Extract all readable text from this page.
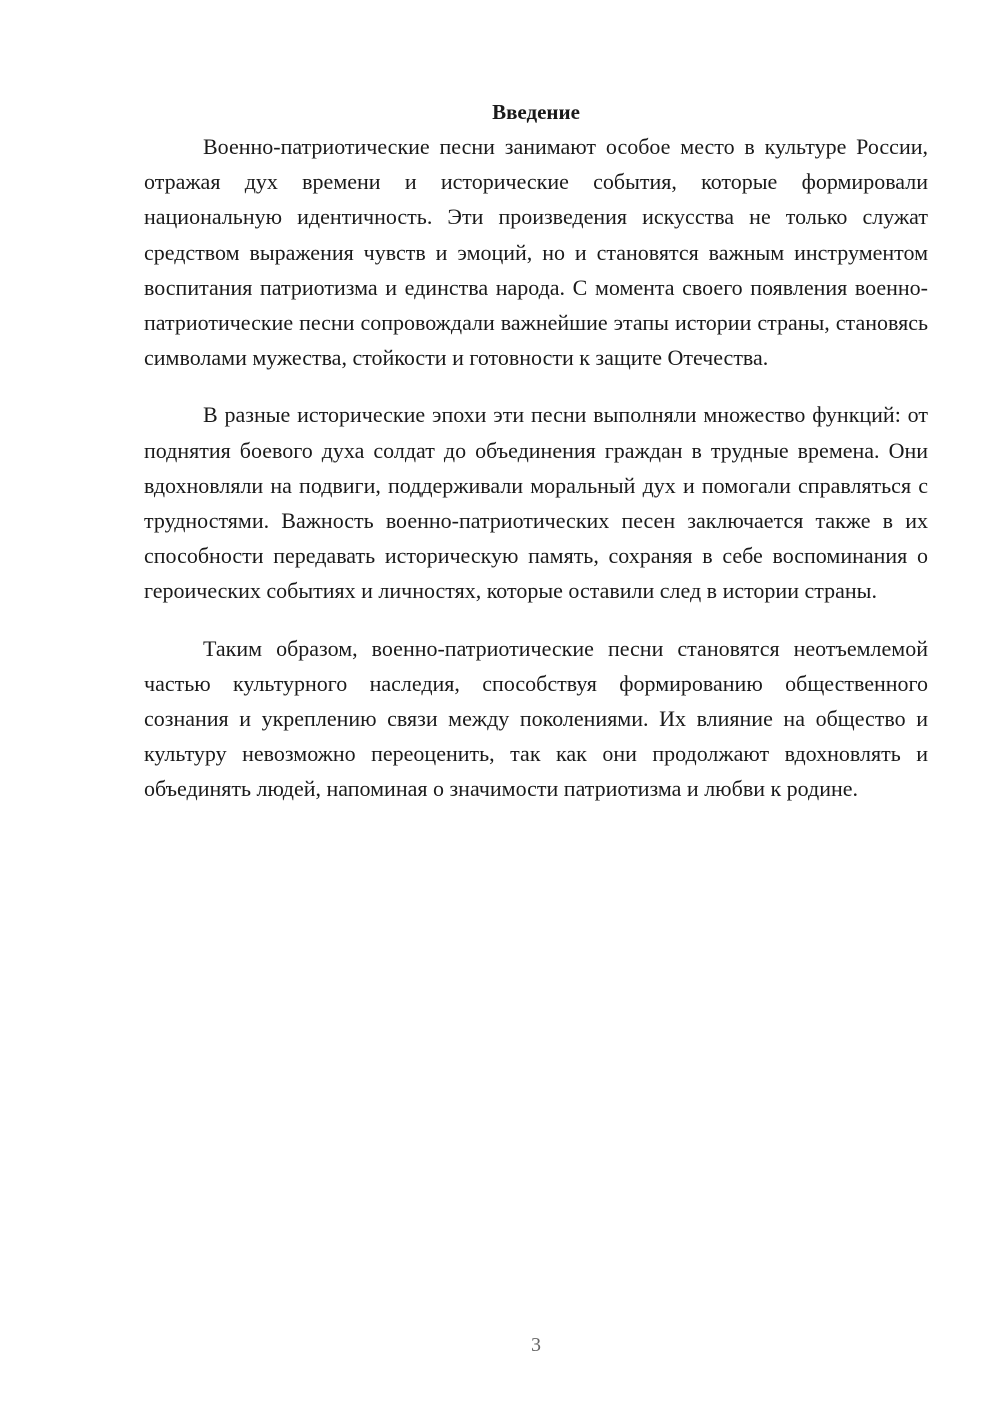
Введение

Военно-патриотические песни занимают особое место в культуре России, отражая дух времени и исторические события, которые формировали национальную идентичность. Эти произведения искусства не только служат средством выражения чувств и эмоций, но и становятся важным инструментом воспитания патриотизма и единства народа. С момента своего появления военно-патриотические песни сопровождали важнейшие этапы истории страны, становясь символами мужества, стойкости и готовности к защите Отечества.

В разные исторические эпохи эти песни выполняли множество функций: от поднятия боевого духа солдат до объединения граждан в трудные времена. Они вдохновляли на подвиги, поддерживали моральный дух и помогали справляться с трудностями. Важность военно-патриотических песен заключается также в их способности передавать историческую память, сохраняя в себе воспоминания о героических событиях и личностях, которые оставили след в истории страны.

Таким образом, военно-патриотические песни становятся неотъемлемой частью культурного наследия, способствуя формированию общественного сознания и укреплению связи между поколениями. Их влияние на общество и культуру невозможно переоценить, так как они продолжают вдохновлять и объединять людей, напоминая о значимости патриотизма и любви к родине.

3
